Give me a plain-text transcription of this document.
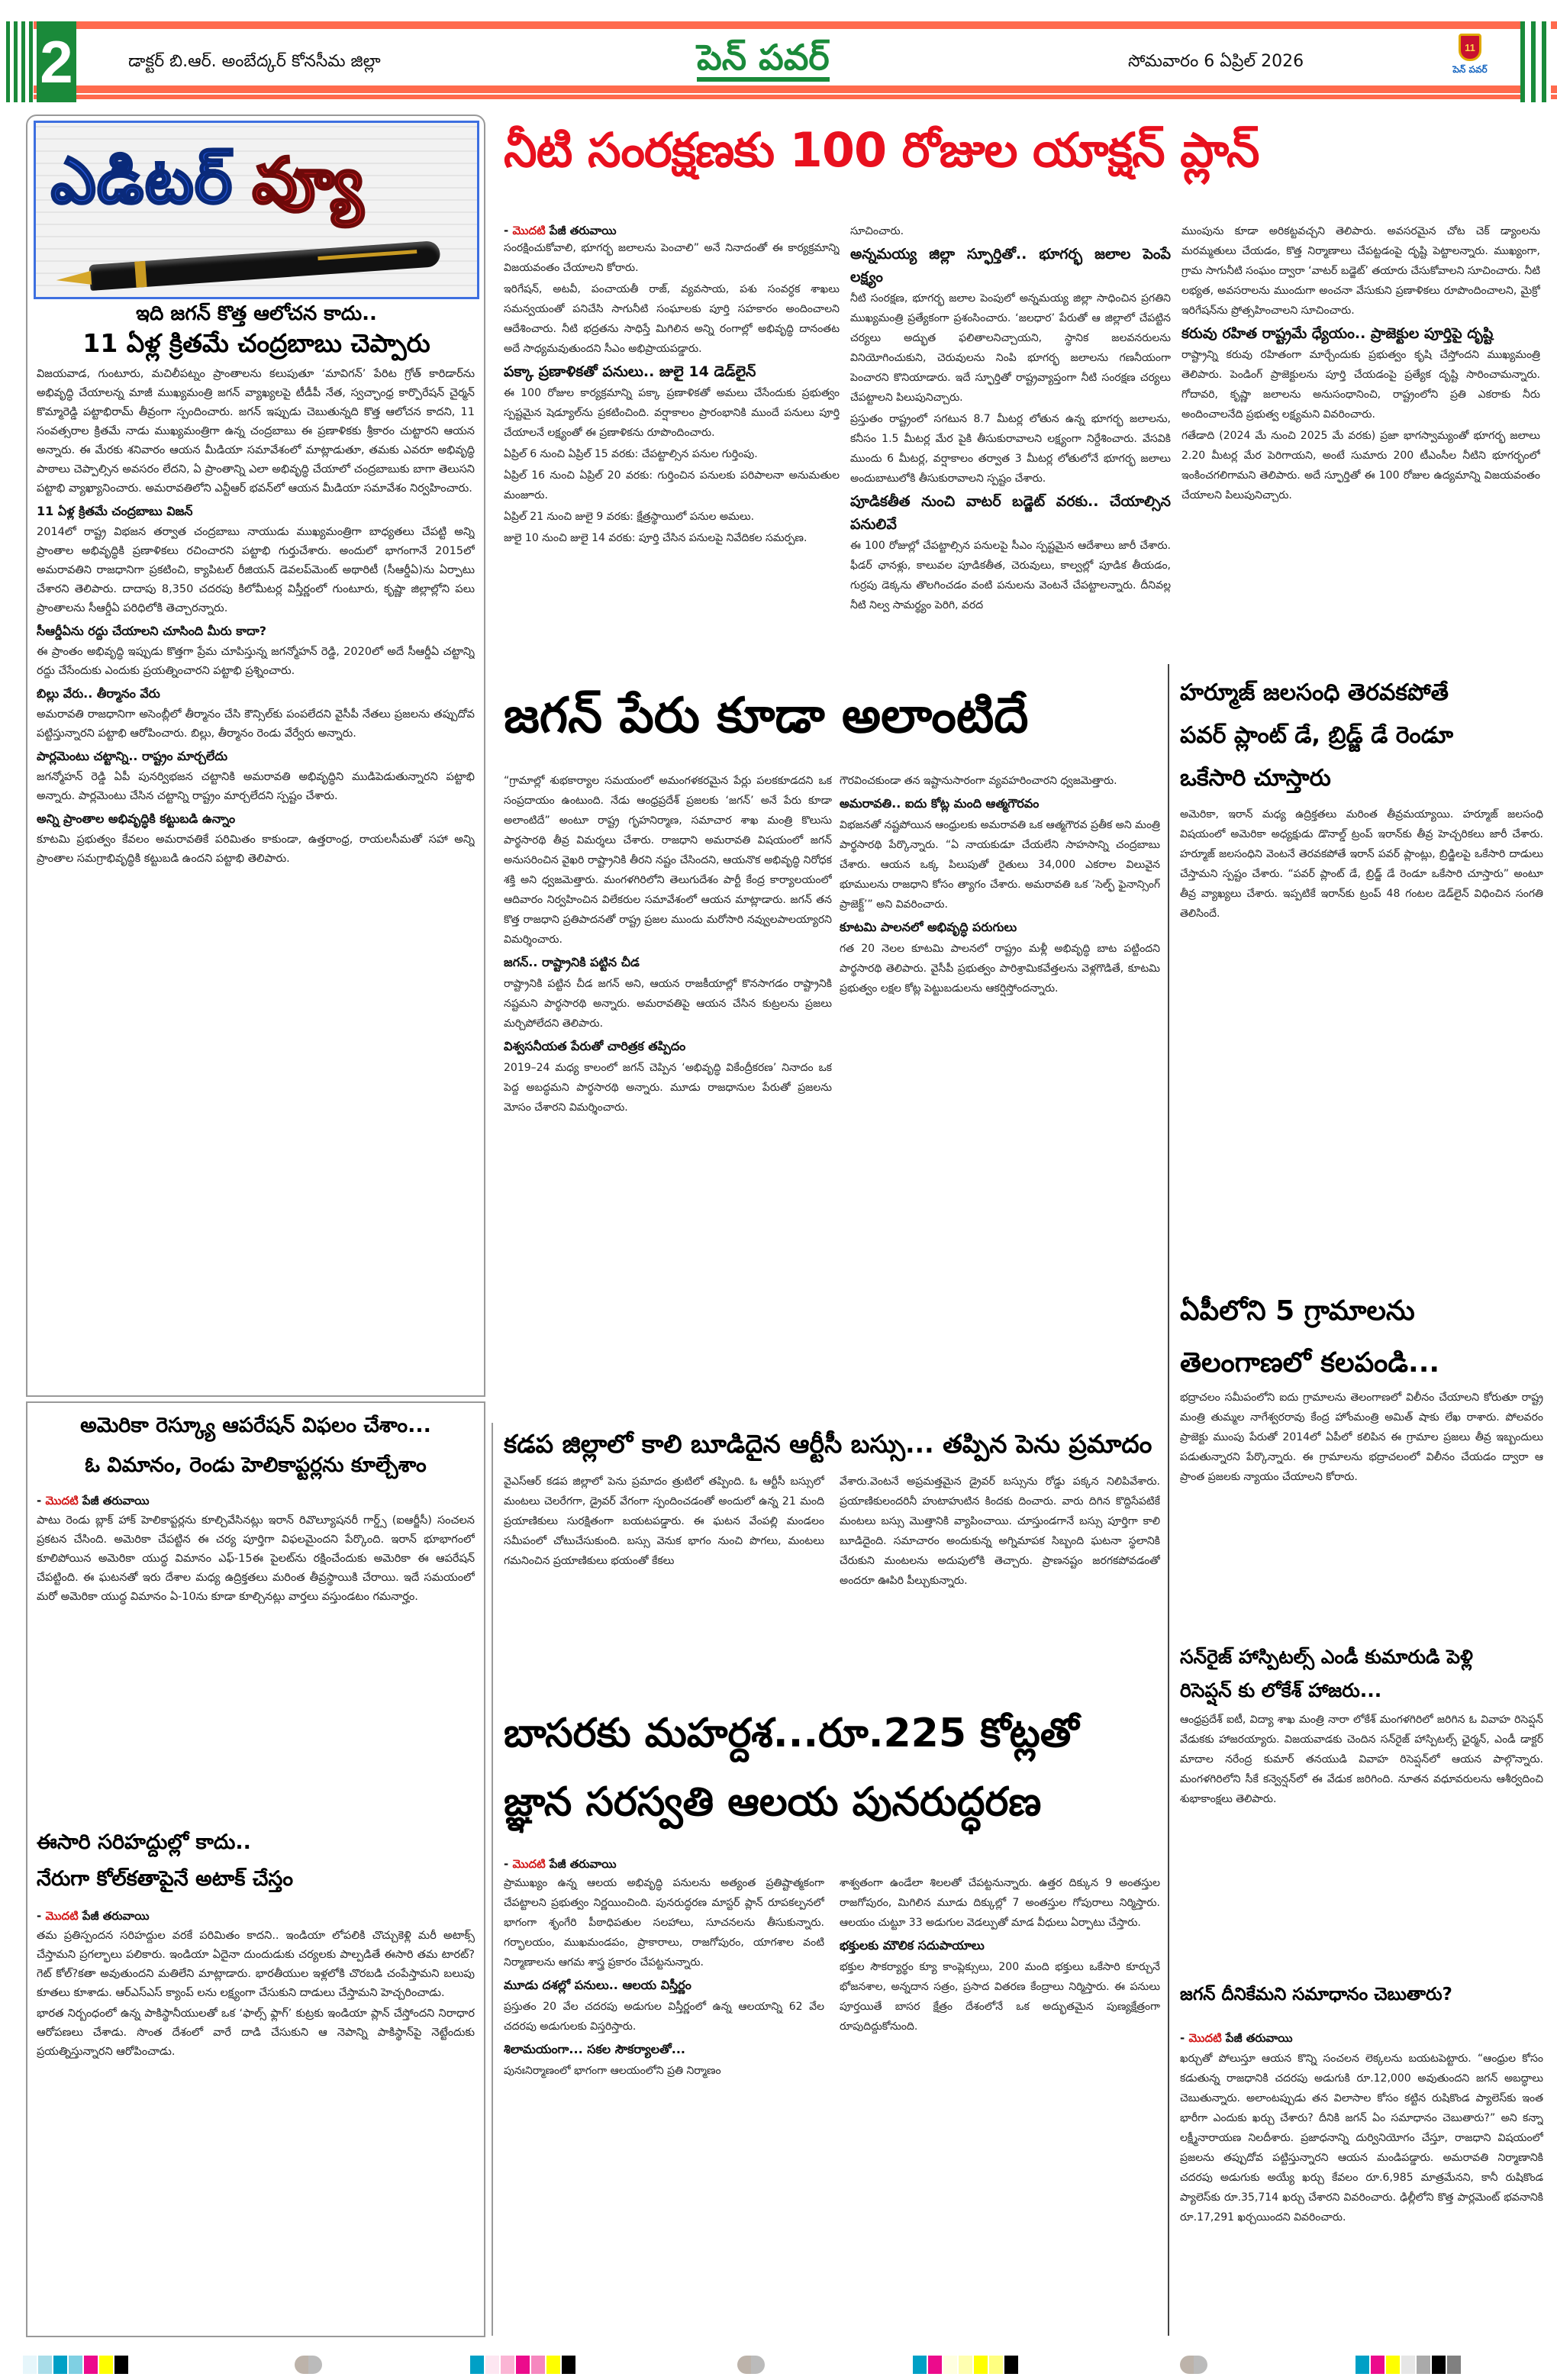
2	డాక్టర్ బి.ఆర్. అంబేద్కర్ కోనసీమ జిల్లా	పెన్ పవర్	సోమవారం 6 ఏప్రిల్ 2026
11
పెన్ పవర్
ఎడిటర్ వ్యూ
ఇది జగన్ కొత్త ఆలోచన కాదు..
11 ఏళ్ల క్రితమే చంద్రబాబు చెప్పారు

విజయవాడ, గుంటూరు, మచిలీపట్నం ప్రాంతాలను కలుపుతూ ‘మావిగన్’ పేరిట గ్రోత్ కారిడార్‌ను అభివృద్ధి చేయాలన్న మాజీ ముఖ్యమంత్రి జగన్ వ్యాఖ్యలపై టీడీపీ నేత, స్వచ్ఛాంధ్ర కార్పొరేషన్ చైర్మన్ కొమ్మారెడ్డి పట్టాభిరామ్ తీవ్రంగా స్పందించారు. జగన్ ఇప్పుడు చెబుతున్నది కొత్త ఆలోచన కాదని, 11 సంవత్సరాల క్రితమే నాడు ముఖ్యమంత్రిగా ఉన్న చంద్రబాబు ఈ ప్రణాళికకు శ్రీకారం చుట్టారని ఆయన అన్నారు. ఈ మేరకు శనివారం ఆయన మీడియా సమావేశంలో మాట్లాడుతూ, తమకు ఎవరూ అభివృద్ధి పాఠాలు చెప్పాల్సిన అవసరం లేదని, ఏ ప్రాంతాన్ని ఎలా అభివృద్ధి చేయాలో చంద్రబాబుకు బాగా తెలుసని పట్టాభి వ్యాఖ్యానించారు. అమరావతిలోని ఎన్టీఆర్ భవన్‌లో ఆయన మీడియా సమావేశం నిర్వహించారు.

11 ఏళ్ల క్రితమే చంద్రబాబు విజన్

2014లో రాష్ట్ర విభజన తర్వాత చంద్రబాబు నాయుడు ముఖ్యమంత్రిగా బాధ్యతలు చేపట్టి అన్ని ప్రాంతాల అభివృద్ధికి ప్రణాళికలు రచించారని పట్టాభి గుర్తుచేశారు. అందులో భాగంగానే 2015లో అమరావతిని రాజధానిగా ప్రకటించి, క్యాపిటల్ రీజియన్ డెవలప్‌మెంట్ అథారిటీ (సీఆర్డీఏ)ను ఏర్పాటు చేశారని తెలిపారు. దాదాపు 8,350 చదరపు కిలోమీటర్ల విస్తీర్ణంలో గుంటూరు, కృష్ణా జిల్లాల్లోని పలు ప్రాంతాలను సీఆర్డీఏ పరిధిలోకి తెచ్చారన్నారు.

సీఆర్డీఏను రద్దు చేయాలని చూసింది మీరు కాదా?

ఈ ప్రాంతం అభివృద్ధి ఇప్పుడు కొత్తగా ప్రేమ చూపిస్తున్న జగన్మోహన్ రెడ్డి, 2020లో అదే సీఆర్డీఏ చట్టాన్ని రద్దు చేసేందుకు ఎందుకు ప్రయత్నించారని పట్టాభి ప్రశ్నించారు.

బిల్లు వేరు.. తీర్మానం వేరు

అమరావతి రాజధానిగా అసెంబ్లీలో తీర్మానం చేసి కౌన్సిల్‌కు పంపలేదని వైసీపీ నేతలు ప్రజలను తప్పుదోవ పట్టిస్తున్నారని పట్టాభి ఆరోపించారు. బిల్లు, తీర్మానం రెండు వేర్వేరు అన్నారు.

పార్లమెంటు చట్టాన్ని.. రాష్ట్రం మార్చలేదు

జగన్మోహన్ రెడ్డి ఏపీ పునర్విభజన చట్టానికి అమరావతి అభివృద్ధిని ముడిపెడుతున్నారని పట్టాభి అన్నారు. పార్లమెంటు చేసిన చట్టాన్ని రాష్ట్రం మార్చలేదని స్పష్టం చేశారు.

అన్ని ప్రాంతాల అభివృద్ధికి కట్టుబడి ఉన్నాం

కూటమి ప్రభుత్వం కేవలం అమరావతికే పరిమితం కాకుండా, ఉత్తరాంధ్ర, రాయలసీమతో సహా అన్ని ప్రాంతాల సమగ్రాభివృద్ధికి కట్టుబడి ఉందని పట్టాభి తెలిపారు.

అమెరికా రెస్క్యూ ఆపరేషన్ విఫలం చేశాం...
ఓ విమానం, రెండు హెలికాప్టర్లను కూల్చేశాం
- మొదటి పేజీ తరువాయి

పాటు రెండు బ్లాక్ హాక్ హెలికాప్టర్లను కూల్చివేసినట్లు ఇరాన్ రివొల్యూషనరీ గార్డ్స్ (ఐఆర్జీసీ) సంచలన ప్రకటన చేసింది. అమెరికా చేపట్టిన ఈ చర్య పూర్తిగా విఫలమైందని పేర్కొంది. ఇరాన్ భూభాగంలో కూలిపోయిన అమెరికా యుద్ధ విమానం ఎఫ్-15ఈ పైలట్‌ను రక్షించేందుకు అమెరికా ఈ ఆపరేషన్ చేపట్టింది. ఈ ఘటనతో ఇరు దేశాల మధ్య ఉద్రిక్తతలు మరింత తీవ్రస్థాయికి చేరాయి. ఇదే సమయంలో మరో అమెరికా యుద్ధ విమానం ఏ-10ను కూడా కూల్చినట్లు వార్తలు వస్తుండటం గమనార్హం.

ఈసారి సరిహద్దుల్లో కాదు..
నేరుగా కోల్‌కతాపైనే అటాక్ చేస్తం
- మొదటి పేజీ తరువాయి

తమ ప్రతిస్పందన సరిహద్దుల వరకే పరిమితం కాదని.. ఇండియా లోపలికి చొచ్చుకెళ్లి మరీ అటాక్స్ చేస్తామని ప్రగల్భాలు పలికారు. ఇండియా ఏదైనా దుందుడుకు చర్యలకు పాల్పడితే ఈసారి తమ టారట్?గెట్ కోల్?కతా అవుతుందని మతిలేని మాట్లాడారు. భారతీయుల ఇళ్లలోకి చొరబడి చంపేస్తామని బలుపు కూతలు కూశాడు. ఆర్ఎస్ఎస్ క్యాంప్ లను లక్ష్యంగా చేసుకుని దాడులు చేస్తామని హెచ్చరించాడు.

భారత నిర్బంధంలో ఉన్న పాకిస్థానీయులతో ఒక ‘ఫాల్స్ ఫ్లాగ్’ కుట్రకు ఇండియా ప్లాన్ చేస్తోందని నిరాధార ఆరోపణలు చేశాడు. సొంత దేశంలో వారే దాడి చేసుకుని ఆ నెపాన్ని పాకిస్థాన్‌పై నెట్టేందుకు ప్రయత్నిస్తున్నారని ఆరోపించాడు.

నీటి సంరక్షణకు 100 రోజుల యాక్షన్ ప్లాన్
- మొదటి పేజీ తరువాయి

సంరక్షించుకోవాలి, భూగర్భ జలాలను పెంచాలి” అనే నినాదంతో ఈ కార్యక్రమాన్ని విజయవంతం చేయాలని కోరారు.

ఇరిగేషన్, అటవీ, పంచాయతీ రాజ్, వ్యవసాయ, పశు సంవర్ధక శాఖలు సమన్వయంతో పనిచేసి సాగునీటి సంఘాలకు పూర్తి సహకారం అందించాలని ఆదేశించారు. నీటి భద్రతను సాధిస్తే మిగిలిన అన్ని రంగాల్లో అభివృద్ధి దానంతట అదే సాధ్యమవుతుందని సీఎం అభిప్రాయపడ్డారు.

పక్కా ప్రణాళికతో పనులు.. జులై 14 డెడ్‌లైన్

ఈ 100 రోజుల కార్యక్రమాన్ని పక్కా ప్రణాళికతో అమలు చేసేందుకు ప్రభుత్వం స్పష్టమైన షెడ్యూల్‌ను ప్రకటించింది. వర్షాకాలం ప్రారంభానికి ముందే పనులు పూర్తి చేయాలనే లక్ష్యంతో ఈ ప్రణాళికను రూపొందించారు.

ఏప్రిల్ 6 నుంచి ఏప్రిల్ 15 వరకు: చేపట్టాల్సిన పనుల గుర్తింపు.

ఏప్రిల్ 16 నుంచి ఏప్రిల్ 20 వరకు: గుర్తించిన పనులకు పరిపాలనా అనుమతుల మంజూరు.

ఏప్రిల్ 21 నుంచి జులై 9 వరకు: క్షేత్రస్థాయిలో పనుల అమలు.

జులై 10 నుంచి జులై 14 వరకు: పూర్తి చేసిన పనులపై నివేదికల సమర్పణ.

సూచించారు.

అన్నమయ్య జిల్లా స్ఫూర్తితో.. భూగర్భ జలాల పెంపే లక్ష్యం

నీటి సంరక్షణ, భూగర్భ జలాల పెంపులో అన్నమయ్య జిల్లా సాధించిన ప్రగతిని ముఖ్యమంత్రి ప్రత్యేకంగా ప్రశంసించారు. ‘జలధార’ పేరుతో ఆ జిల్లాలో చేపట్టిన చర్యలు అద్భుత ఫలితాలనిచ్చాయని, స్థానిక జలవనరులను వినియోగించుకుని, చెరువులను నింపి భూగర్భ జలాలను గణనీయంగా పెంచారని కొనియాడారు. ఇదే స్ఫూర్తితో రాష్ట్రవ్యాప్తంగా నీటి సంరక్షణ చర్యలు చేపట్టాలని పిలుపునిచ్చారు.

ప్రస్తుతం రాష్ట్రంలో సగటున 8.7 మీటర్ల లోతున ఉన్న భూగర్భ జలాలను, కనీసం 1.5 మీటర్ల మేర పైకి తీసుకురావాలని లక్ష్యంగా నిర్దేశించారు. వేసవికి ముందు 6 మీటర్ల, వర్షాకాలం తర్వాత 3 మీటర్ల లోతులోనే భూగర్భ జలాలు అందుబాటులోకి తీసుకురావాలని స్పష్టం చేశారు.

పూడికతీత నుంచి వాటర్ బడ్జెట్ వరకు.. చేయాల్సిన పనులివే

ఈ 100 రోజుల్లో చేపట్టాల్సిన పనులపై సీఎం స్పష్టమైన ఆదేశాలు జారీ చేశారు. ఫీడర్ ఛానళ్లు, కాలువల పూడికతీత, చెరువులు, కాల్వల్లో పూడిక తీయడం, గుర్రపు డెక్కను తొలగించడం వంటి పనులను వెంటనే చేపట్టాలన్నారు. దీనివల్ల నీటి నిల్వ సామర్థ్యం పెరిగి, వరద

ముంపును కూడా అరికట్టవచ్చని తెలిపారు. అవసరమైన చోట చెక్ డ్యాంలను మరమ్మతులు చేయడం, కొత్త నిర్మాణాలు చేపట్టడంపై దృష్టి పెట్టాలన్నారు. ముఖ్యంగా, గ్రామ సాగునీటి సంఘం ద్వారా ‘వాటర్ బడ్జెట్’ తయారు చేసుకోవాలని సూచించారు. నీటి లభ్యత, అవసరాలను ముందుగా అంచనా వేసుకుని ప్రణాళికలు రూపొందించాలని, మైక్రో ఇరిగేషన్‌ను ప్రోత్సహించాలని సూచించారు.

కరువు రహిత రాష్ట్రమే ధ్యేయం.. ప్రాజెక్టుల పూర్తిపై దృష్టి

రాష్ట్రాన్ని కరువు రహితంగా మార్చేందుకు ప్రభుత్వం కృషి చేస్తోందని ముఖ్యమంత్రి తెలిపారు. పెండింగ్ ప్రాజెక్టులను పూర్తి చేయడంపై ప్రత్యేక దృష్టి సారించామన్నారు. గోదావరి, కృష్ణా జలాలను అనుసంధానించి, రాష్ట్రంలోని ప్రతి ఎకరాకు నీరు అందించాలనేది ప్రభుత్వ లక్ష్యమని వివరించారు.

గతేడాది (2024 మే నుంచి 2025 మే వరకు) ప్రజా భాగస్వామ్యంతో భూగర్భ జలాలు 2.20 మీటర్ల మేర పెరిగాయని, అంటే సుమారు 200 టీఎంసీల నీటిని భూగర్భంలో ఇంకించగలిగామని తెలిపారు. అదే స్ఫూర్తితో ఈ 100 రోజుల ఉద్యమాన్ని విజయవంతం చేయాలని పిలుపునిచ్చారు.

జగన్ పేరు కూడా అలాంటిదే

“గ్రామాల్లో శుభకార్యాల సమయంలో అమంగళకరమైన పేర్లు పలకకూడదని ఒక సంప్రదాయం ఉంటుంది. నేడు ఆంధ్రప్రదేశ్ ప్రజలకు ‘జగన్’ అనే పేరు కూడా అలాంటిదే” అంటూ రాష్ట్ర గృహనిర్మాణ, సమాచార శాఖ మంత్రి కొలుసు పార్థసారథి తీవ్ర విమర్శలు చేశారు. రాజధాని అమరావతి విషయంలో జగన్ అనుసరించిన వైఖరి రాష్ట్రానికి తీరని నష్టం చేసిందని, ఆయనొక అభివృద్ధి నిరోధక శక్తి అని ధ్వజమెత్తారు. మంగళగిరిలోని తెలుగుదేశం పార్టీ కేంద్ర కార్యాలయంలో ఆదివారం నిర్వహించిన విలేకరుల సమావేశంలో ఆయన మాట్లాడారు. జగన్ తన కొత్త రాజధాని ప్రతిపాదనతో రాష్ట్ర ప్రజల ముందు మరోసారి నవ్వులపాలయ్యారని విమర్శించారు.

జగన్.. రాష్ట్రానికి పట్టిన చీడ

రాష్ట్రానికి పట్టిన చీడ జగన్ అని, ఆయన రాజకీయాల్లో కొనసాగడం రాష్ట్రానికి నష్టమని పార్థసారథి అన్నారు. అమరావతిపై ఆయన చేసిన కుట్రలను ప్రజలు మర్చిపోలేదని తెలిపారు.

విశ్వసనీయత పేరుతో చారిత్రక తప్పిదం

2019–24 మధ్య కాలంలో జగన్ చెప్పిన ‘అభివృద్ధి వికేంద్రీకరణ’ నినాదం ఒక పెద్ద అబద్ధమని పార్థసారథి అన్నారు. మూడు రాజధానుల పేరుతో ప్రజలను మోసం చేశారని విమర్శించారు.

గౌరవించకుండా తన ఇష్టానుసారంగా వ్యవహరించారని ధ్వజమెత్తారు.

అమరావతి.. ఐదు కోట్ల మంది ఆత్మగౌరవం

విభజనతో నష్టపోయిన ఆంధ్రులకు అమరావతి ఒక ఆత్మగౌరవ ప్రతీక అని మంత్రి పార్థసారథి పేర్కొన్నారు. “ఏ నాయకుడూ చేయలేని సాహసాన్ని చంద్రబాబు చేశారు. ఆయన ఒక్క పిలుపుతో రైతులు 34,000 ఎకరాల విలువైన భూములను రాజధాని కోసం త్యాగం చేశారు. అమరావతి ఒక ‘సెల్ఫ్ ఫైనాన్సింగ్ ప్రాజెక్ట్’” అని వివరించారు.

కూటమి పాలనలో అభివృద్ధి పరుగులు

గత 20 నెలల కూటమి పాలనలో రాష్ట్రం మళ్లీ అభివృద్ధి బాట పట్టిందని పార్థసారథి తెలిపారు. వైసీపీ ప్రభుత్వం పారిశ్రామికవేత్తలను వెళ్లగొడితే, కూటమి ప్రభుత్వం లక్షల కోట్ల పెట్టుబడులను ఆకర్షిస్తోందన్నారు.

కడప జిల్లాలో కాలి బూడిదైన ఆర్టీసీ బస్సు... తప్పిన పెను ప్రమాదం

వైఎస్ఆర్ కడప జిల్లాలో పెను ప్రమాదం త్రుటిలో తప్పింది. ఓ ఆర్టీసీ బస్సులో మంటలు చెలరేగగా, డ్రైవర్ వేగంగా స్పందించడంతో అందులో ఉన్న 21 మంది ప్రయాణికులు సురక్షితంగా బయటపడ్డారు. ఈ ఘటన వేంపల్లి మండలం సమీపంలో చోటుచేసుకుంది. బస్సు వెనుక భాగం నుంచి పొగలు, మంటలు గమనించిన ప్రయాణికులు భయంతో కేకలు

వేశారు.వెంటనే అప్రమత్తమైన డ్రైవర్ బస్సును రోడ్డు పక్కన నిలిపివేశారు. ప్రయాణికులందరినీ హుటాహుటిన కిందకు దించారు. వారు దిగిన కొద్దిసేపటికే మంటలు బస్సు మొత్తానికి వ్యాపించాయి. చూస్తుండగానే బస్సు పూర్తిగా కాలి బూడిదైంది. సమాచారం అందుకున్న అగ్నిమాపక సిబ్బంది ఘటనా స్థలానికి చేరుకుని మంటలను అదుపులోకి తెచ్చారు. ప్రాణనష్టం జరగకపోవడంతో అందరూ ఊపిరి పీల్చుకున్నారు.

బాసరకు మహర్దశ...రూ.225 కోట్లతో
జ్ఞాన సరస్వతి ఆలయ పునరుద్ధరణ
- మొదటి పేజీ తరువాయి

ప్రాముఖ్యం ఉన్న ఆలయ అభివృద్ధి పనులను అత్యంత ప్రతిష్టాత్మకంగా చేపట్టాలని ప్రభుత్వం నిర్ణయించింది. పునరుద్ధరణ మాస్టర్ ప్లాన్ రూపకల్పనలో భాగంగా శృంగేరి పీఠాధిపతుల సలహాలు, సూచనలను తీసుకున్నారు. గర్భాలయం, ముఖమండపం, ప్రాకారాలు, రాజగోపురం, యాగశాల వంటి నిర్మాణాలను ఆగమ శాస్త్ర ప్రకారం చేపట్టనున్నారు.

మూడు దశల్లో పనులు.. ఆలయ విస్తీర్ణం

ప్రస్తుతం 20 వేల చదరపు అడుగుల విస్తీర్ణంలో ఉన్న ఆలయాన్ని 62 వేల చదరపు అడుగులకు విస్తరిస్తారు.

శిలామయంగా... సకల సౌకర్యాలతో...

పునఃనిర్మాణంలో భాగంగా ఆలయంలోని ప్రతి నిర్మాణం

శాశ్వతంగా ఉండేలా శిలలతో చేపట్టనున్నారు. ఉత్తర దిక్కున 9 అంతస్తుల రాజగోపురం, మిగిలిన మూడు దిక్కుల్లో 7 అంతస్తుల గోపురాలు నిర్మిస్తారు. ఆలయం చుట్టూ 33 అడుగుల వెడల్పుతో మాడ వీధులు ఏర్పాటు చేస్తారు.

భక్తులకు మౌలిక సదుపాయాలు

భక్తుల సౌకర్యార్థం క్యూ కాంప్లెక్సులు, 200 మంది భక్తులు ఒకేసారి కూర్చునే భోజనశాల, అన్నదాన సత్రం, ప్రసాద వితరణ కేంద్రాలు నిర్మిస్తారు. ఈ పనులు పూర్తయితే బాసర క్షేత్రం దేశంలోనే ఒక అద్భుతమైన పుణ్యక్షేత్రంగా రూపుదిద్దుకోనుంది.

హర్మూజ్ జలసంధి తెరవకపోతే
పవర్ ప్లాంట్ డే, బ్రిడ్జ్ డే రెండూ
ఒకేసారి చూస్తారు

అమెరికా, ఇరాన్ మధ్య ఉద్రిక్తతలు మరింత తీవ్రమయ్యాయి. హర్మూజ్ జలసంధి విషయంలో అమెరికా అధ్యక్షుడు డొనాల్డ్ ట్రంప్ ఇరాన్‌కు తీవ్ర హెచ్చరికలు జారీ చేశారు. హర్మూజ్ జలసంధిని వెంటనే తెరవకపోతే ఇరాన్ పవర్ ప్లాంట్లు, బ్రిడ్జిలపై ఒకేసారి దాడులు చేస్తామని స్పష్టం చేశారు. “పవర్ ప్లాంట్ డే, బ్రిడ్జ్ డే రెండూ ఒకేసారి చూస్తారు” అంటూ తీవ్ర వ్యాఖ్యలు చేశారు. ఇప్పటికే ఇరాన్‌కు ట్రంప్ 48 గంటల డెడ్‌లైన్ విధించిన సంగతి తెలిసిందే.

ఏపీలోని 5 గ్రామాలను
తెలంగాణలో కలపండి...

భద్రాచలం సమీపంలోని ఐదు గ్రామాలను తెలంగాణలో విలీనం చేయాలని కోరుతూ రాష్ట్ర మంత్రి తుమ్మల నాగేశ్వరరావు కేంద్ర హోంమంత్రి అమిత్ షాకు లేఖ రాశారు. పోలవరం ప్రాజెక్టు ముంపు పేరుతో 2014లో ఏపీలో కలిపిన ఈ గ్రామాల ప్రజలు తీవ్ర ఇబ్బందులు పడుతున్నారని పేర్కొన్నారు. ఈ గ్రామాలను భద్రాచలంలో విలీనం చేయడం ద్వారా ఆ ప్రాంత ప్రజలకు న్యాయం చేయాలని కోరారు.

సన్‌రైజ్ హాస్పిటల్స్ ఎండీ కుమారుడి పెళ్లి
రిసెప్షన్ కు లోకేశ్ హాజరు...

ఆంధ్రప్రదేశ్ ఐటీ, విద్యా శాఖ మంత్రి నారా లోకేశ్ మంగళగిరిలో జరిగిన ఓ వివాహ రిసెప్షన్ వేడుకకు హాజరయ్యారు. విజయవాడకు చెందిన సన్‌రైజ్ హాస్పిటల్స్ ఛైర్మన్, ఎండీ డాక్టర్ మాదాల నరేంద్ర కుమార్ తనయుడి వివాహ రిసెప్షన్‌లో ఆయన పాల్గొన్నారు. మంగళగిరిలోని సీకే కన్వెన్షన్‌లో ఈ వేడుక జరిగింది. నూతన వధూవరులను ఆశీర్వదించి శుభాకాంక్షలు తెలిపారు.

జగన్ దీనికేమని సమాధానం చెబుతారు?
- మొదటి పేజీ తరువాయి

ఖర్చుతో పోలుస్తూ ఆయన కొన్ని సంచలన లెక్కలను బయటపెట్టారు. “ఆంధ్రుల కోసం కడుతున్న రాజధానికి చదరపు అడుగుకి రూ.12,000 అవుతుందని జగన్ అబద్ధాలు చెబుతున్నారు. అలాంటప్పుడు తన విలాసాల కోసం కట్టిన రుషికొండ ప్యాలెస్‌కు ఇంత భారీగా ఎందుకు ఖర్చు చేశారు? దీనికి జగన్ ఏం సమాధానం చెబుతారు?” అని కన్నా లక్ష్మీనారాయణ నిలదీశారు. ప్రజాధనాన్ని దుర్వినియోగం చేస్తూ, రాజధాని విషయంలో ప్రజలను తప్పుదోవ పట్టిస్తున్నారని ఆయన మండిపడ్డారు. అమరావతి నిర్మాణానికి చదరపు అడుగుకు అయ్యే ఖర్చు కేవలం రూ.6,985 మాత్రమేనని, కానీ రుషికొండ ప్యాలెస్‌కు రూ.35,714 ఖర్చు చేశారని వివరించారు. ఢిల్లీలోని కొత్త పార్లమెంట్ భవనానికి రూ.17,291 ఖర్చయిందని వివరించారు.
